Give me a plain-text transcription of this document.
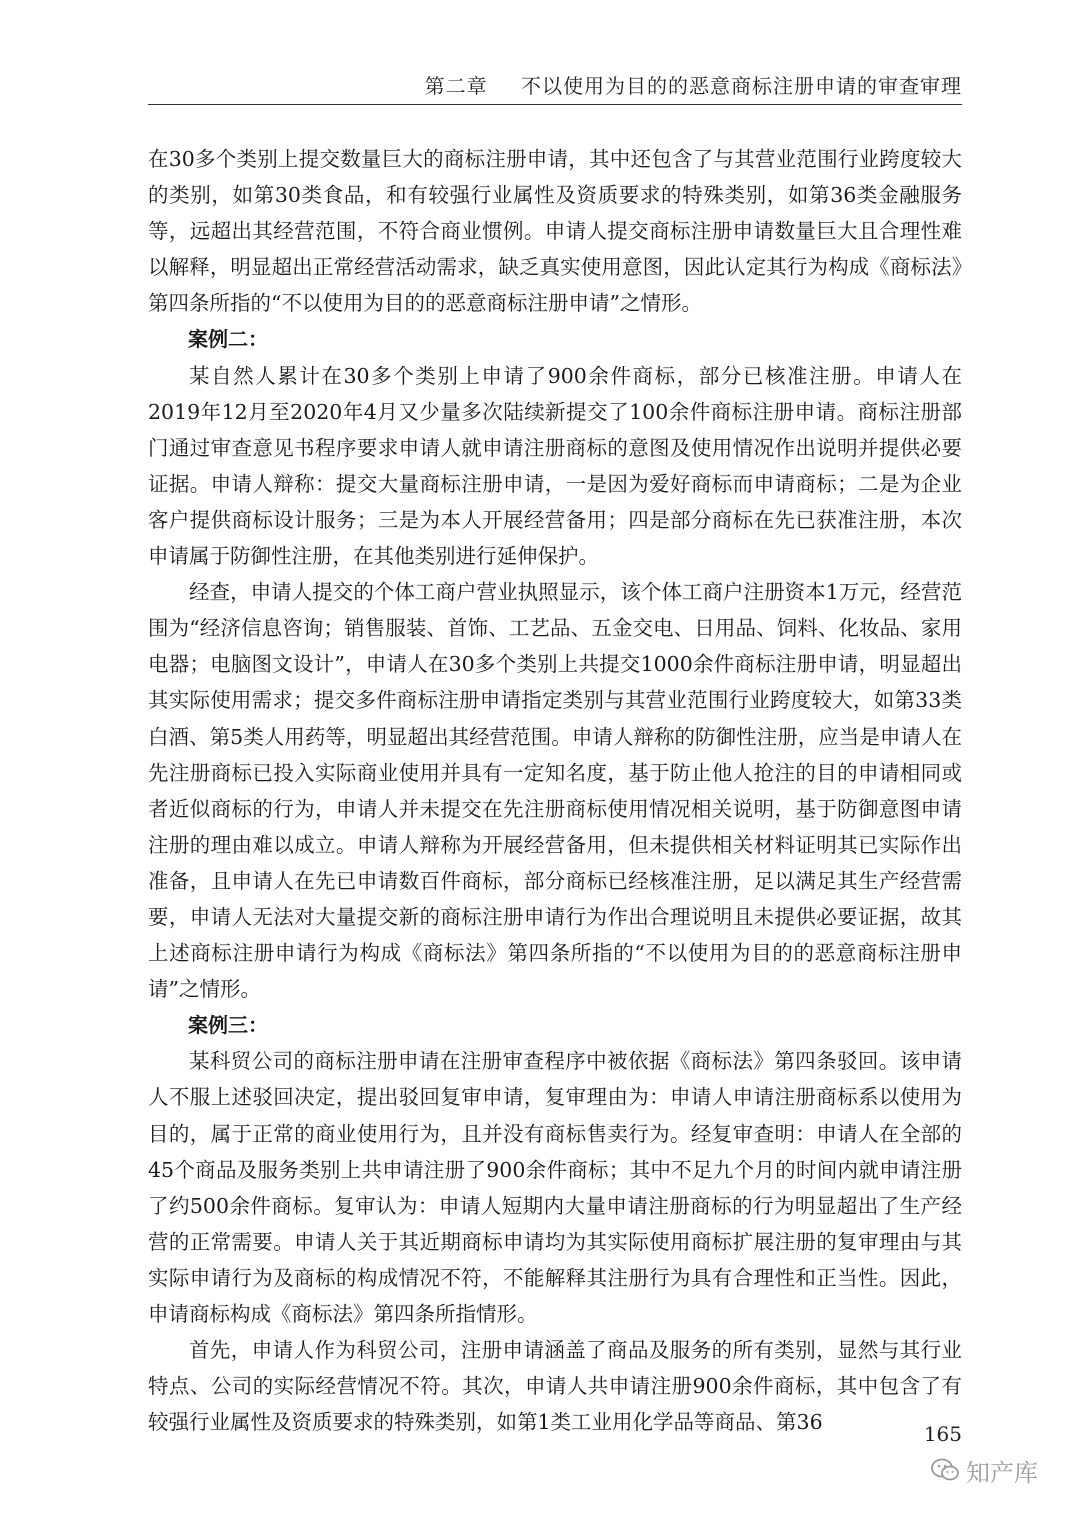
第二章 不以使用为目的的恶意商标注册申请的审查审理

在30多个类别上提交数量巨大的商标注册申请，其中还包含了与其营业范围行业跨度较大的类别，如第30类食品，和有较强行业属性及资质要求的特殊类别，如第36类金融服务等，远超出其经营范围，不符合商业惯例。申请人提交商标注册申请数量巨大且合理性难以解释，明显超出正常经营活动需求，缺乏真实使用意图，因此认定其行为构成《商标法》第四条所指的“不以使用为目的的恶意商标注册申请”之情形。

案例二：

某自然人累计在30多个类别上申请了900余件商标，部分已核准注册。申请人在2019年12月至2020年4月又少量多次陆续新提交了100余件商标注册申请。商标注册部门通过审查意见书程序要求申请人就申请注册商标的意图及使用情况作出说明并提供必要证据。申请人辩称：提交大量商标注册申请，一是因为爱好商标而申请商标；二是为企业客户提供商标设计服务；三是为本人开展经营备用；四是部分商标在先已获准注册，本次申请属于防御性注册，在其他类别进行延伸保护。

经查，申请人提交的个体工商户营业执照显示，该个体工商户注册资本1万元，经营范围为“经济信息咨询；销售服装、首饰、工艺品、五金交电、日用品、饲料、化妆品、家用电器；电脑图文设计”，申请人在30多个类别上共提交1000余件商标注册申请，明显超出其实际使用需求；提交多件商标注册申请指定类别与其营业范围行业跨度较大，如第33类白酒、第5类人用药等，明显超出其经营范围。申请人辩称的防御性注册，应当是申请人在先注册商标已投入实际商业使用并具有一定知名度，基于防止他人抢注的目的申请相同或者近似商标的行为，申请人并未提交在先注册商标使用情况相关说明，基于防御意图申请注册的理由难以成立。申请人辩称为开展经营备用，但未提供相关材料证明其已实际作出准备，且申请人在先已申请数百件商标，部分商标已经核准注册，足以满足其生产经营需要，申请人无法对大量提交新的商标注册申请行为作出合理说明且未提供必要证据，故其上述商标注册申请行为构成《商标法》第四条所指的“不以使用为目的的恶意商标注册申请”之情形。

案例三：

某科贸公司的商标注册申请在注册审查程序中被依据《商标法》第四条驳回。该申请人不服上述驳回决定，提出驳回复审申请，复审理由为：申请人申请注册商标系以使用为目的，属于正常的商业使用行为，且并没有商标售卖行为。经复审查明：申请人在全部的45个商品及服务类别上共申请注册了900余件商标；其中不足九个月的时间内就申请注册了约500余件商标。复审认为：申请人短期内大量申请注册商标的行为明显超出了生产经营的正常需要。申请人关于其近期商标申请均为其实际使用商标扩展注册的复审理由与其实际申请行为及商标的构成情况不符，不能解释其注册行为具有合理性和正当性。因此，申请商标构成《商标法》第四条所指情形。

首先，申请人作为科贸公司，注册申请涵盖了商品及服务的所有类别，显然与其行业特点、公司的实际经营情况不符。其次，申请人共申请注册900余件商标，其中包含了有较强行业属性及资质要求的特殊类别，如第1类工业用化学品等商品、第36	165
知产库
